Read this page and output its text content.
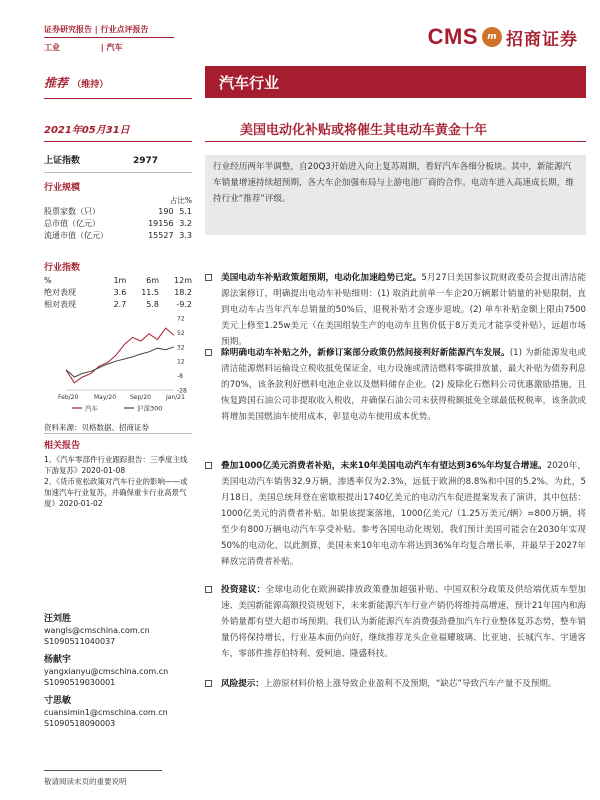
证券研究报告 | 行业点评报告
工业	| 汽车	CMS	m 招商证券
推荐 （维持）	汽车行业
2021年05月31日	美国电动化补贴或将催生其电动车黄金十年
上证指数	2977
行业规模
占比%
股票家数（只）	190	5.1
总市值（亿元）	19156	3.2
流通市值（亿元）	15527	3.3
行业指数
%	1m	6m	12m
绝对表现	3.6	11.5	18.2
相对表现	2.7	5.8	-9.2
72
52
32
12
-8
-28
Feb/20	May/20 Sep/20	Jan/21
汽车	沪深300
资料来源：贝格数据、招商证券
相关报告
1、《汽车零部件行业跟踪报告：三季度主线下游复苏》2020-01-08
2、《货币宽松政策对汽车行业的影响——或加速汽车行业复苏，并确保重卡行业高景气度》2020-01-02
汪刘胜
wangls@cmschina.com.cn
S1090511040037
杨献宇
yangxianyu@cmschina.com.cn
S1090519030001
寸思敏
cuansimin1@cmschina.com.cn
S1090518090003
行业经历两年半调整，自20Q3开始进入向上复苏周期，看好汽车各细分板块。其中，新能源汽车销量增速持续超预期，各大车企加强布局与上游电池厂商的合作。电动车进入高速成长期，维持行业“推荐”评级。
美国电动车补贴政策超预期，电动化加速趋势已定。5月27日美国参议院财政委员会提出清洁能源法案修订，明确提出电动车补贴细则：(1) 取消此前单一车企20万辆累计销量的补贴限制，直到电动车占当年汽车总销量的50%后，退税补贴才会逐步退坡。(2) 单车补贴金额上限由7500美元上修至1.25w美元（在美国组装生产的电动车且售价低于8万美元才能享受补贴），远超市场预期。
除明确电动车补贴之外，新修订案部分政策仍然间接利好新能源汽车发展。(1) 为新能源发电或清洁能源燃料运输设立税收抵免保证金，电力设施或清洁燃料零碳排放量，最大补贴为债券利息的70%，该条款利好燃料电池企业以及燃料储存企业。(2) 废除化石燃料公司优惠激励措施，且恢复跨国石油公司非提取收入税收，并确保石油公司未获得税额抵免全球最低税税率，该条款或将增加美国燃油车使用成本，彰显电动车使用成本优势。
叠加1000亿美元消费者补贴，未来10年美国电动汽车有望达到36%年均复合增速。2020年，美国电动汽车销售32.9万辆，渗透率仅为2.3%，远低于欧洲的8.8%和中国的5.2%。为此，5月18日，美国总统拜登在密歇根提出1740亿美元的电动汽车促进提案发表了演讲，其中包括：1000亿美元的消费者补贴。如果该提案落地，1000亿美元/（1.25万美元/辆）=800万辆，将至少有800万辆电动汽车享受补贴。参考各国电动化规划，我们预计美国可能会在2030年实现50%的电动化，以此测算，美国未来10年电动车将达到36%年均复合增长率，并最早于2027年释放完消费者补贴。
投资建议：全球电动化在欧洲碳排放政策叠加超强补贴、中国双积分政策及供给端优质车型加速、美国新能源高额投资规划下，未来新能源汽车行业产销仍将维持高增速，预计21年国内和海外销量都有望大超市场预期。我们认为新能源汽车消费强劲叠加汽车行业整体复苏态势，整车销量仍将保持增长，行业基本面仍向好，继续推荐龙头企业福耀玻璃、比亚迪、长城汽车、宇通客车，零部件推荐伯特利、爱柯迪、隆盛科技。
风险提示：上游原材料价格上涨导致企业盈利不及预期，“缺芯”导致汽车产量不及预期。
敬请阅读末页的重要说明
